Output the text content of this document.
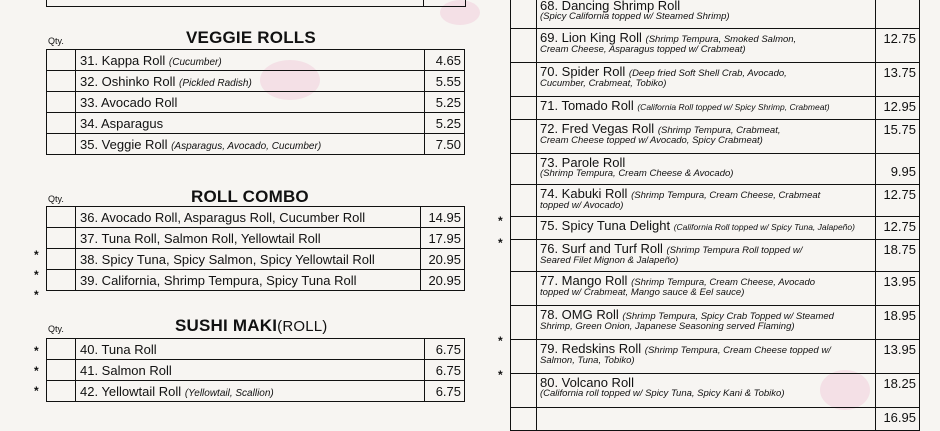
VEGGIE ROLLS
Qty.
	31. Kappa Roll (Cucumber)	4.65
	32. Oshinko Roll (Pickled Radish)	5.55
	33. Avocado Roll	5.25
	34. Asparagus	5.25
	35. Veggie Roll (Asparagus, Avocado, Cucumber)	7.50
ROLL COMBO
Qty.
	36. Avocado Roll, Asparagus Roll, Cucumber Roll	14.95
	37. Tuna Roll, Salmon Roll, Yellowtail Roll	17.95
	38. Spicy Tuna, Spicy Salmon, Spicy Yellowtail Roll	20.95
	39. California, Shrimp Tempura, Spicy Tuna Roll	20.95
*
*
*
SUSHI MAKI(ROLL)
Qty.
	40. Tuna Roll	6.75
	41. Salmon Roll	6.75
	42. Yellowtail Roll (Yellowtail, Scallion)	6.75
*
*
*
	68. Dancing Shrimp Roll
(Spicy California topped w/ Steamed Shrimp)	

	69. Lion King Roll (Shrimp Tempura, Smoked Salmon,
Cream Cheese, Asparagus topped w/ Crabmeat)	12.75
	70. Spider Roll (Deep fried Soft Shell Crab, Avocado,
Cucumber, Crabmeat, Tobiko)	13.75
	71. Tomado Roll (California Roll topped w/ Spicy Shrimp, Crabmeat)	12.95
	72. Fred Vegas Roll (Shrimp Tempura, Crabmeat,
Cream Cheese topped w/ Avocado, Spicy Crabmeat)	15.75
	73. Parole Roll
(Shrimp Tempura, Cream Cheese & Avocado)	9.95
	74. Kabuki Roll (Shrimp Tempura, Cream Cheese, Crabmeat
topped w/ Avocado)	12.75
	75. Spicy Tuna Delight (California Roll topped w/ Spicy Tuna, Jalapeño)	12.75
	76. Surf and Turf Roll (Shrimp Tempura Roll topped w/
Seared Filet Mignon & Jalapeño)	18.75
	77. Mango Roll (Shrimp Tempura, Cream Cheese, Avocado
topped w/ Crabmeat, Mango sauce & Eel sauce)	13.95
	78. OMG Roll (Shrimp Tempura, Spicy Crab Topped w/ Steamed
Shrimp, Green Onion, Japanese Seasoning served Flaming)	18.95
	79. Redskins Roll (Shrimp Tempura, Cream Cheese topped w/
Salmon, Tuna, Tobiko)	13.95
	80. Volcano Roll
(California roll topped w/ Spicy Tuna, Spicy Kani & Tobiko)	18.25
		16.95
*
*
*
*
